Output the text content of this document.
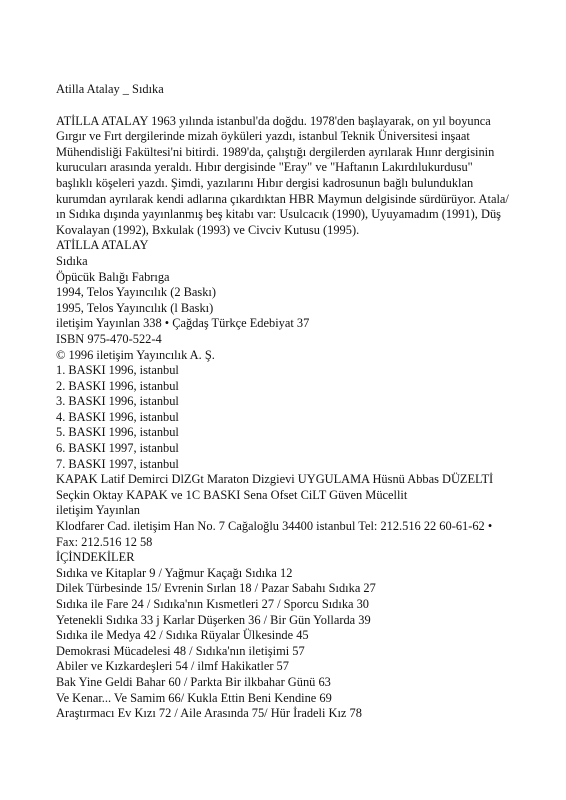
Atilla Atalay _ Sıdıka

ATİLLA ATALAY 1963 yılında istanbul'da doğdu. 1978'den başlayarak, on yıl boyunca Gırgır ve Fırt dergilerinde mizah öyküleri yazdı, istanbul Teknik Üniversitesi inşaat Mühendisliği Fakültesi'ni bitirdi. 1989'da, çalıştığı dergilerden ayrılarak Hıınr dergisinin kurucuları arasında yeraldı. Hıbır dergisinde "Eray" ve "Haftanın Lakırdılukurdusu" başlıklı köşeleri yazdı. Şimdi, yazılarını Hıbır dergisi kadrosunun bağlı bulunduklan kurumdan ayrılarak kendi adlarına çıkardıktan HBR Maymun delgisinde sürdürüyor. Atala/ın Sıdıka dışında yayınlanmış beş kitabı var: Usulcacık (1990), Uyuyamadım (1991), Düş Kovalayan (1992), Bxkulak (1993) ve Civciv Kutusu (1995).

ATİLLA ATALAY
Sıdıka
Öpücük Balığı Fabrıga
1994, Telos Yayıncılık (2 Baskı)
1995, Telos Yayıncılık (l Baskı)
iletişim Yayınlan 338 • Çağdaş Türkçe Edebiyat 37
ISBN 975-470-522-4
© 1996 iletişim Yayıncılık A. Ş.
1. BASKI 1996, istanbul
2. BASKI 1996, istanbul
3. BASKI 1996, istanbul
4. BASKI 1996, istanbul
5. BASKI 1996, istanbul
6. BASKI 1997, istanbul
7. BASKI 1997, istanbul
KAPAK Latif Demirci DlZGt Maraton Dizgievi UYGULAMA Hüsnü Abbas DÜZELTİ Seçkin Oktay KAPAK ve 1C BASKI Sena Ofset CiLT Güven Mücellit
iletişim Yayınlan
Klodfarer Cad. iletişim Han No. 7 Cağaloğlu 34400 istanbul Tel: 212.516 22 60-61-62 • Fax: 212.516 12 58
İÇİNDEKİLER
Sıdıka ve Kitaplar 9 / Yağmur Kaçağı Sıdıka 12
Dilek Türbesinde 15/ Evrenin Sırlan 18 / Pazar Sabahı Sıdıka 27
Sıdıka ile Fare 24 / Sıdıka'nın Kısmetleri 27 / Sporcu Sıdıka 30
Yetenekli Sıdıka 33 j Karlar Düşerken 36 / Bir Gün Yollarda 39
Sıdıka ile Medya 42 / Sıdıka Rüyalar Ülkesinde 45
Demokrasi Mücadelesi 48 / Sıdıka'nın iletişimi 57
Abiler ve Kızkardeşleri 54 / ilmf Hakikatler 57
Bak Yine Geldi Bahar 60 / Parkta Bir ilkbahar Günü 63
Ve Kenar... Ve Samim 66/ Kukla Ettin Beni Kendine 69
Araştırmacı Ev Kızı 72 / Aile Arasında 75/ Hür İradeli Kız 78
